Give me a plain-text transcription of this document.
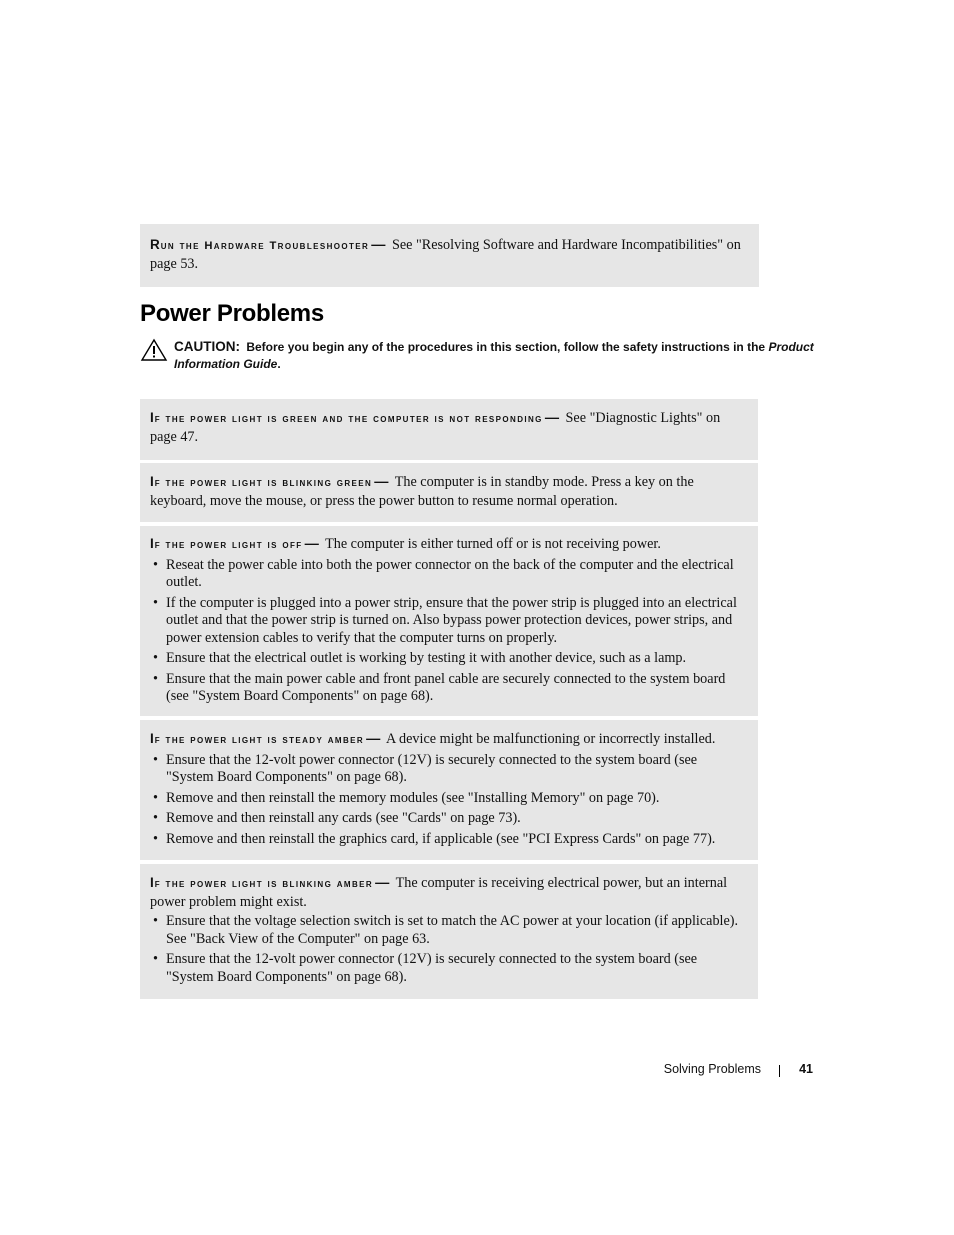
Run the Hardware Troubleshooter — See "Resolving Software and Hardware Incompatibilities" on page 53.
Power Problems
CAUTION: Before you begin any of the procedures in this section, follow the safety instructions in the Product Information Guide.
If the power light is green and the computer is not responding — See "Diagnostic Lights" on page 47.
If the power light is blinking green — The computer is in standby mode. Press a key on the keyboard, move the mouse, or press the power button to resume normal operation.
If the power light is off — The computer is either turned off or is not receiving power.
• Reseat the power cable into both the power connector on the back of the computer and the electrical outlet.
• If the computer is plugged into a power strip, ensure that the power strip is plugged into an electrical outlet and that the power strip is turned on. Also bypass power protection devices, power strips, and power extension cables to verify that the computer turns on properly.
• Ensure that the electrical outlet is working by testing it with another device, such as a lamp.
• Ensure that the main power cable and front panel cable are securely connected to the system board (see "System Board Components" on page 68).
If the power light is steady amber — A device might be malfunctioning or incorrectly installed.
• Ensure that the 12-volt power connector (12V) is securely connected to the system board (see "System Board Components" on page 68).
• Remove and then reinstall the memory modules (see "Installing Memory" on page 70).
• Remove and then reinstall any cards (see "Cards" on page 73).
• Remove and then reinstall the graphics card, if applicable (see "PCI Express Cards" on page 77).
If the power light is blinking amber — The computer is receiving electrical power, but an internal power problem might exist.
• Ensure that the voltage selection switch is set to match the AC power at your location (if applicable). See "Back View of the Computer" on page 63.
• Ensure that the 12-volt power connector (12V) is securely connected to the system board (see "System Board Components" on page 68).
Solving Problems	41
